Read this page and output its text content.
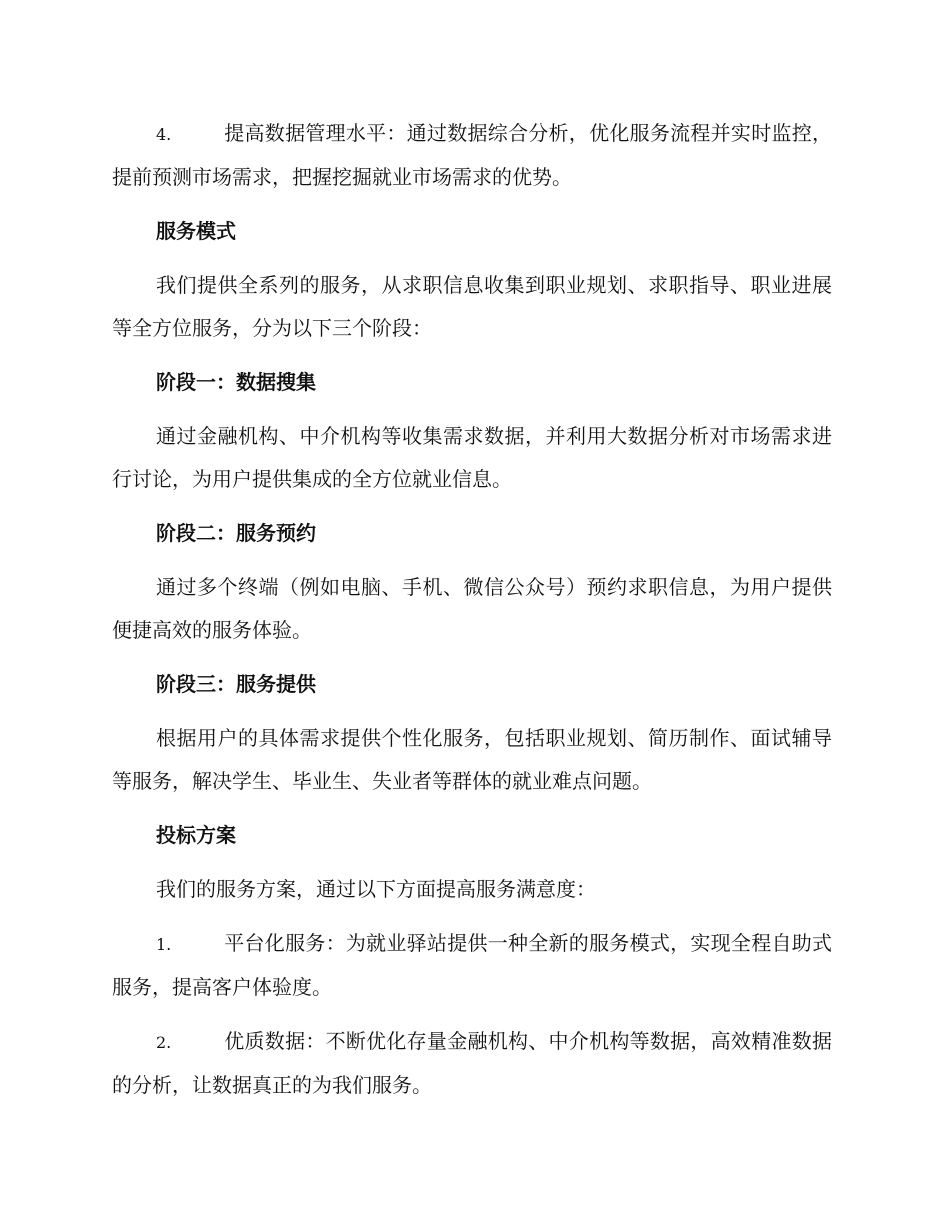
4.	提高数据管理水平：通过数据综合分析，优化服务流程并实时监控，提前预测市场需求，把握挖掘就业市场需求的优势。

服务模式

我们提供全系列的服务，从求职信息收集到职业规划、求职指导、职业进展等全方位服务，分为以下三个阶段：

阶段一：数据搜集

通过金融机构、中介机构等收集需求数据，并利用大数据分析对市场需求进行讨论，为用户提供集成的全方位就业信息。

阶段二：服务预约

通过多个终端（例如电脑、手机、微信公众号）预约求职信息，为用户提供便捷高效的服务体验。

阶段三：服务提供

根据用户的具体需求提供个性化服务，包括职业规划、简历制作、面试辅导等服务，解决学生、毕业生、失业者等群体的就业难点问题。

投标方案

我们的服务方案，通过以下方面提高服务满意度：

1.	平台化服务：为就业驿站提供一种全新的服务模式，实现全程自助式服务，提高客户体验度。

2.	优质数据：不断优化存量金融机构、中介机构等数据，高效精准数据的分析，让数据真正的为我们服务。
